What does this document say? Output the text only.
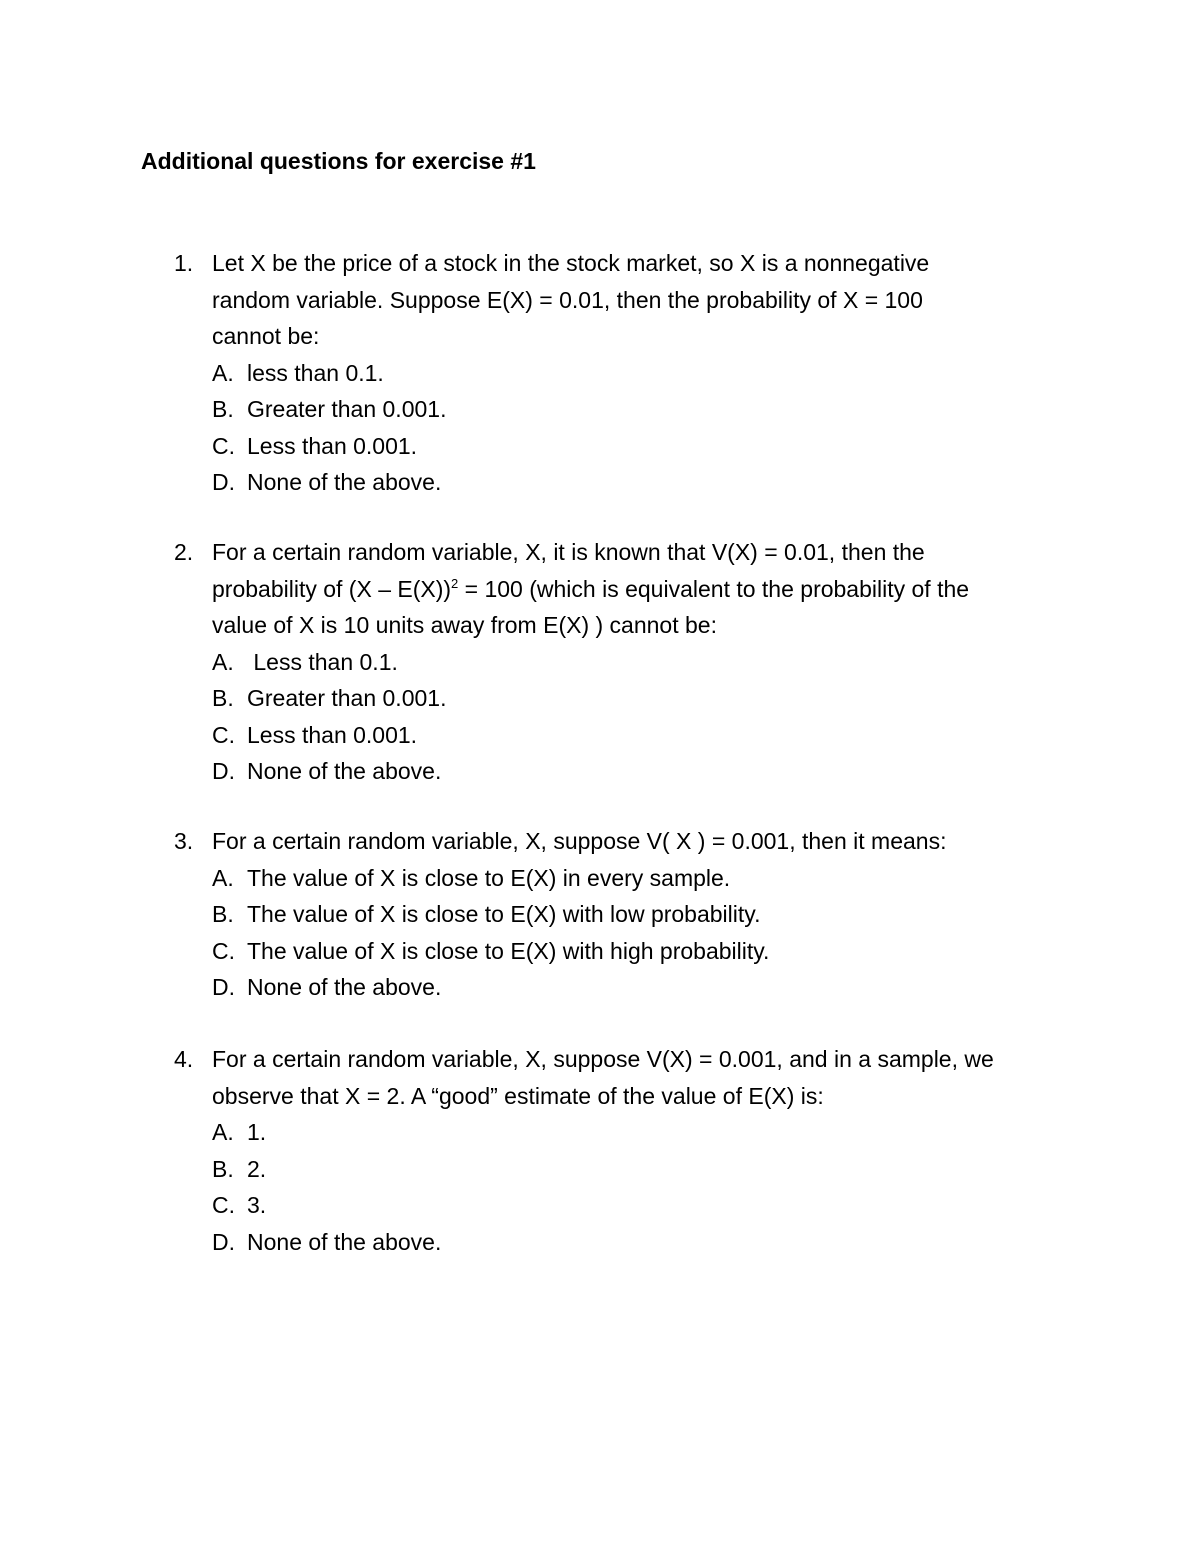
Additional questions for exercise #1
1. Let X be the price of a stock in the stock market, so X is a nonnegative
random variable. Suppose E(X) = 0.01, then the probability of X = 100
cannot be:
A. less than 0.1.
B. Greater than 0.001.
C. Less than 0.001.
D. None of the above.
2. For a certain random variable, X, it is known that V(X) = 0.01, then the
probability of (X – E(X))$^2$ = 100 (which is equivalent to the probability of the
value of X is 10 units away from E(X) ) cannot be:
A. Less than 0.1.
B. Greater than 0.001.
C. Less than 0.001.
D. None of the above.
3. For a certain random variable, X, suppose V( X ) = 0.001, then it means:
A. The value of X is close to E(X) in every sample.
B. The value of X is close to E(X) with low probability.
C. The value of X is close to E(X) with high probability.
D. None of the above.
4. For a certain random variable, X, suppose V(X) = 0.001, and in a sample, we
observe that X = 2. A “good” estimate of the value of E(X) is:
A. 1.
B. 2.
C. 3.
D. None of the above.
